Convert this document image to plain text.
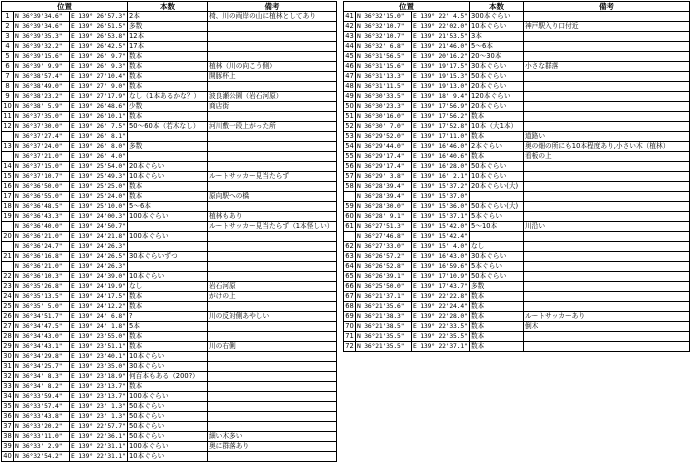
位置			本数	備考
1	N 36°39'34.6"	E 139° 26'57.3"	2本	椅、川の両岸の山に植林としてあり
2	N 36°39'34.6"	E 139° 26'51.5"	多数	
3	N 36°39'35.3"	E 139° 26'53.8"	12本	
4	N 36°39'32.2"	E 139° 26'42.5"	17本	
5	N 36°39'15.6"	E 139° 26' 9.7"	数本	
6	N 36°39' 9.9"	E 139° 26' 9.3"	数本	植林（川の向こう側）
7	N 36°38'57.4"	E 139° 27'10.4"	数本	開豚杯上
8	N 36°38'49.0"	E 139° 27' 9.0"	数本	
9	N 36°38'23.2"	E 139° 27'17.9"	なし（1本あるかな？）	波良瀬公園（岩石河原）
10	N 36°38' 5.9"	E 139° 26'48.6"	少数	商店街
11	N 36°37'35.0"	E 139° 26'10.1"	数本	
12	N 36°37'30.0"	E 139° 26' 7.5"	50〜60本（若木なし）	河川敷一段上がった所
	N 36°37'27.4"	E 139° 26' 8.1"		
13	N 36°37'24.0"	E 139° 26' 8.0"	多数	
	N 36°37'21.0"	E 139° 26' 4.0"		
14	N 36°37'15.0"	E 139° 25'54.0"	20本ぐらい	
15	N 36°37'10.7"	E 139° 25'49.3"	10本ぐらい	ルートサッカー見当たらず
16	N 36°36'50.0"	E 139° 25'25.0"	数本	
17	N 36°36'55.0"	E 139° 25'24.0"	数本	原向駅への橋
18	N 36°36'48.5"	E 139° 25'10.0"	5〜6本	
19	N 36°36'43.3"	E 139° 24'00.3"	100本ぐらい	植林もあり
	N 36°36'40.0"	E 139° 24'50.7"		ルートサッカー見当たらず（1本怪しい）
20	N 36°36'21.0"	E 139° 24'21.8"	100本ぐらい	
	N 36°36'24.7"	E 139° 24'26.3"		
21	N 36°36'16.8"	E 139° 24'26.5"	30本ぐらいずつ	
	N 36°36'21.0"	E 139° 24'26.3"		
22	N 36°36'10.3"	E 139° 24'39.0"	10本ぐらい	
23	N 36°35'26.8"	E 139° 24'19.9"	なし	岩石河原
24	N 36°35'13.5"	E 139° 24'17.5"	数本	がけの上
25	N 36°35' 5.0"	E 139° 24'12.2"	数本	
26	N 36°34'51.7"	E 139° 24' 6.8"	?	川の反対側あやしい
27	N 36°34'47.5"	E 139° 24' 1.8"	5本	
28	N 36°34'43.0"	E 139° 23'55.0"	数本	
29	N 36°34'43.1"	E 139° 23'51.1"	数本	川の右側
30	N 36°34'29.8"	E 139° 23'40.1"	10本ぐらい	
31	N 36°34'25.7"	E 139° 23'35.0"	30本ぐらい	
32	N 36°34' 8.3"	E 139° 23'18.9"	何百本もある（200?）	
33	N 36°34' 8.2"	E 139° 23'13.7"	数本	
34	N 36°33'59.4"	E 139° 23'13.7"	100本ぐらい	
35	N 36°33'57.4"	E 139° 23' 1.3"	50本ぐらい	
36	N 36°33'43.8"	E 139° 23' 1.3"	50本ぐらい	
37	N 36°33'20.2"	E 139° 22'57.7"	50本ぐらい	
38	N 36°33'11.0"	E 139° 22'36.1"	50本ぐらい	細い木多い
39	N 36°33' 2.9"	E 139° 22'31.1"	100本ぐらい	奥に群落あり
40	N 36°32'54.2"	E 139° 22'31.1"	10本ぐらい	
位置			本数	備考
41	N 36°32'15.0"	E 139° 22' 4.5"	300本ぐらい	
42	N 36°32'10.7"	E 139° 22'02.0"	10本ぐらい	神戸駅入り口付近
43	N 36°32'10.7"	E 139° 21'53.5"	3本	
44	N 36°32' 6.8"	E 139° 21'46.0"	5〜6本	
45	N 36°31'56.5"	E 139° 20'16.2"	20〜30本	
46	N 36°31'15.6"	E 139° 19'17.5"	30本ぐらい	小さな群落
47	N 36°31'13.3"	E 139° 19'15.3"	50本ぐらい	
48	N 36°31'11.5"	E 139° 19'13.0"	20本ぐらい	
49	N 36°30'33.5"	E 139° 18' 9.4"	120本ぐらい	
50	N 36°30'23.3"	E 139° 17'56.9"	20本ぐらい	
51	N 36°30'16.0"	E 139° 17'56.2"	数本	
52	N 36°30' 7.0"	E 139° 17'52.8"	10本（大1本）	
53	N 36°29'52.0"	E 139° 17'11.0"	数本	道路い
54	N 36°29'44.0"	E 139° 16'46.0"	2本ぐらい	奥の畑の所にも10本程度あり,小さい木（植林）
55	N 36°29'17.4"	E 139° 16'40.6"	数本	看板の上
56	N 36°29'17.4"	E 139° 16'28.0"	50本ぐらい	
57	N 36°29' 3.8"	E 139° 16' 2.1"	10本ぐらい	
58	N 36°28'39.4"	E 139° 15'37.2"	20本ぐらい(大)	
	N 36°28'39.4"	E 139° 15'37.0"		
59	N 36°28'30.0"	E 139° 15'36.0"	50本ぐらい(大)	
60	N 36°28' 9.1"	E 139° 15'37.1"	5本ぐらい	
61	N 36°27'51.3"	E 139° 15'42.0"	5〜10本	川沿い
	N 36°27'46.8"	E 139° 15'42.4"		
62	N 36°27'33.0"	E 139° 15' 4.0"	なし	
63	N 36°26'57.2"	E 139° 16'43.0"	30本ぐらい	
64	N 36°26'52.8"	E 139° 16'59.6"	5本ぐらい	
65	N 36°26'39.1"	E 139° 17'10.9"	50本ぐらい	
66	N 36°25'50.0"	E 139° 17'43.7"	多数	
67	N 36°21'37.1"	E 139° 22'22.8"	数本	
68	N 36°21'35.6"	E 139° 22'24.4"	数本	
69	N 36°21'38.3"	E 139° 22'28.0"	数本	ルートサッカーあり
70	N 36°21'38.5"	E 139° 22'33.5"	数本	倒木
71	N 36°21'35.5"	E 139° 22'35.5"	数本	
72	N 36°21'35.5"	E 139° 22'37.1"	数本	
